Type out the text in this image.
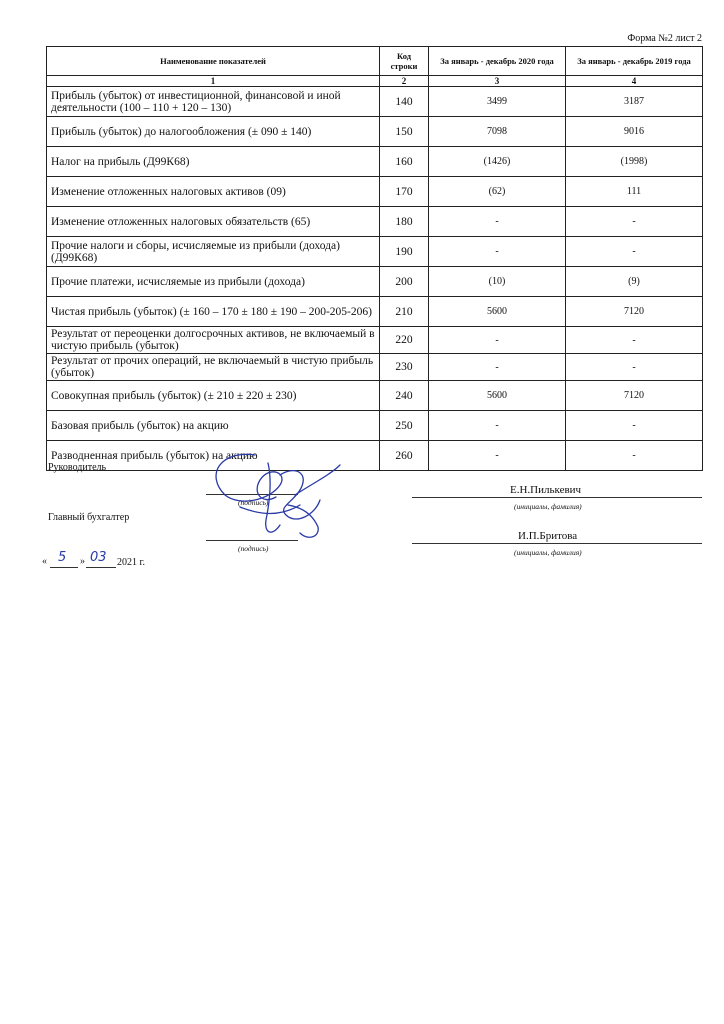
Форма №2 лист 2
Наименование показателей	Код строки	За январь - декабрь 2020 года	За январь - декабрь 2019 года
1	2	3	4
Прибыль (убыток) от инвестиционной, финансовой и иной деятельности (100 – 110 + 120 – 130)	140	3499	3187
Прибыль (убыток) до налогообложения (± 090 ± 140)	150	7098	9016
Налог на прибыль (Д99К68)	160	(1426)	(1998)
Изменение отложенных налоговых активов (09)	170	(62)	111
Изменение отложенных налоговых обязательств (65)	180	-	-
Прочие налоги и сборы, исчисляемые из прибыли (дохода) (Д99К68)	190	-	-
Прочие платежи, исчисляемые из прибыли (дохода)	200	(10)	(9)
Чистая прибыль (убыток) (± 160 – 170 ± 180 ± 190 – 200-205-206)	210	5600	7120
Результат от переоценки долгосрочных активов, не включаемый в чистую прибыль (убыток)	220	-	-
Результат от прочих операций, не включаемый в чистую прибыль (убыток)	230	-	-
Совокупная прибыль (убыток) (± 210 ± 220 ± 230)	240	5600	7120
Базовая прибыль (убыток) на акцию	250	-	-
Разводненная прибыль (убыток) на акцию	260	-	-
Руководитель
(подпись)
Е.Н.Пилькевич
(инициалы, фамилия)
Главный бухгалтер
(подпись)
И.П.Бритова
(инициалы, фамилия)
« 5 » 03 2021 г.
